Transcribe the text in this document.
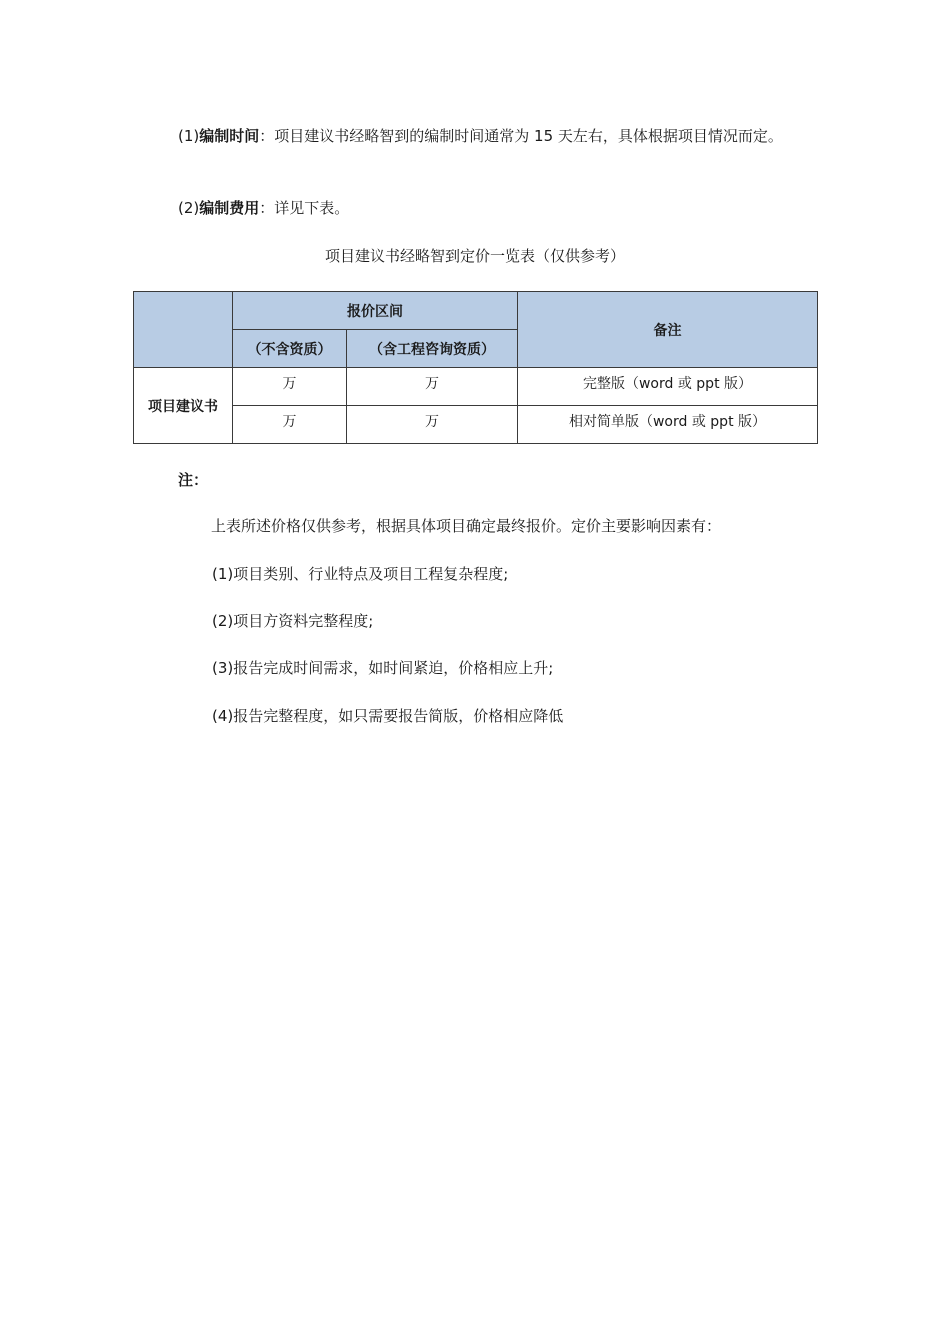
(1)编制时间：项目建议书经略智到的编制时间通常为 15 天左右，具体根据项目情况而定。
(2)编制费用：详见下表。
项目建议书经略智到定价一览表（仅供参考）
	报价区间		备注
	（不含资质）	（含工程咨询资质）	
项目建议书	万	万	完整版（word 或 ppt 版）
	万	万	相对简单版（word 或 ppt 版）
注：
上表所述价格仅供参考，根据具体项目确定最终报价。定价主要影响因素有：
(1)项目类别、行业特点及项目工程复杂程度;
(2)项目方资料完整程度;
(3)报告完成时间需求，如时间紧迫，价格相应上升;
(4)报告完整程度，如只需要报告简版，价格相应降低
